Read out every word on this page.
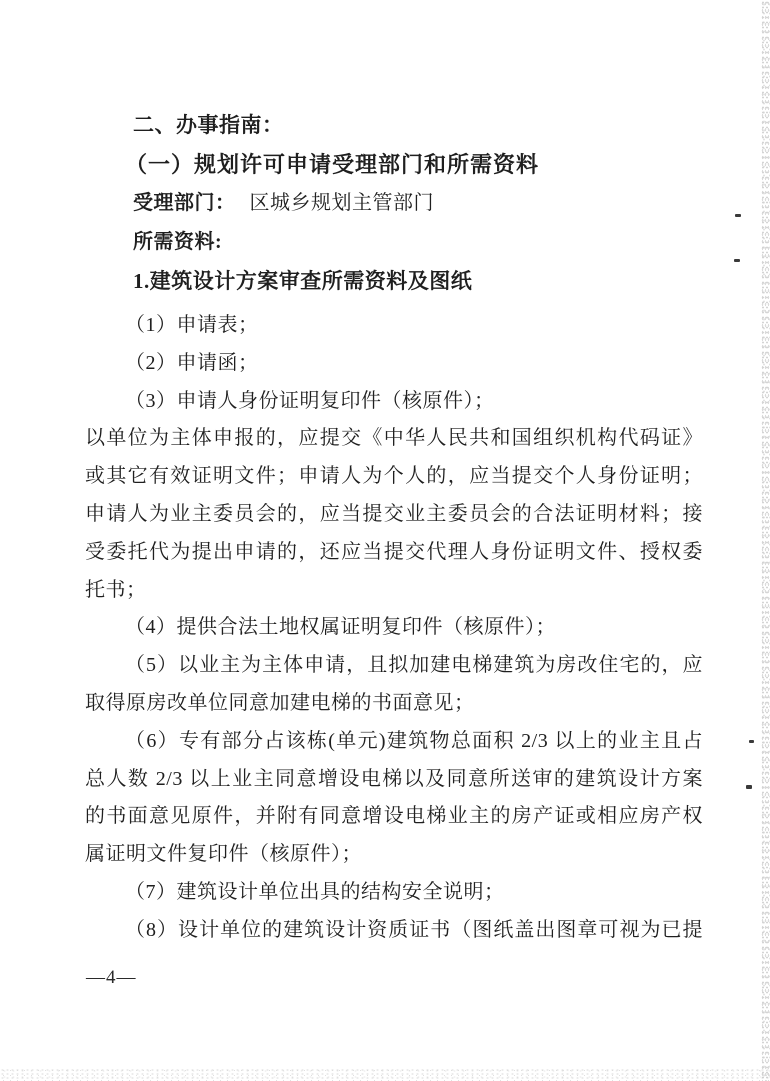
二、办事指南：
（一）规划许可申请受理部门和所需资料
受理部门： 区城乡规划主管部门
所需资料:
1.建筑设计方案审查所需资料及图纸
（1）申请表；
（2）申请函；
（3）申请人身份证明复印件（核原件）；
以单位为主体申报的，应提交《中华人民共和国组织机构代码证》
或其它有效证明文件；申请人为个人的，应当提交个人身份证明；
申请人为业主委员会的，应当提交业主委员会的合法证明材料；接
受委托代为提出申请的，还应当提交代理人身份证明文件、授权委
托书；
（4）提供合法土地权属证明复印件（核原件）；
（5）以业主为主体申请，且拟加建电梯建筑为房改住宅的，应
取得原房改单位同意加建电梯的书面意见；
（6）专有部分占该栋(单元)建筑物总面积 2/3 以上的业主且占
总人数 2/3 以上业主同意增设电梯以及同意所送审的建筑设计方案
的书面意见原件，并附有同意增设电梯业主的房产证或相应房产权
属证明文件复印件（核原件）；
（7）建筑设计单位出具的结构安全说明；
（8）设计单位的建筑设计资质证书（图纸盖出图章可视为已提
—4—
